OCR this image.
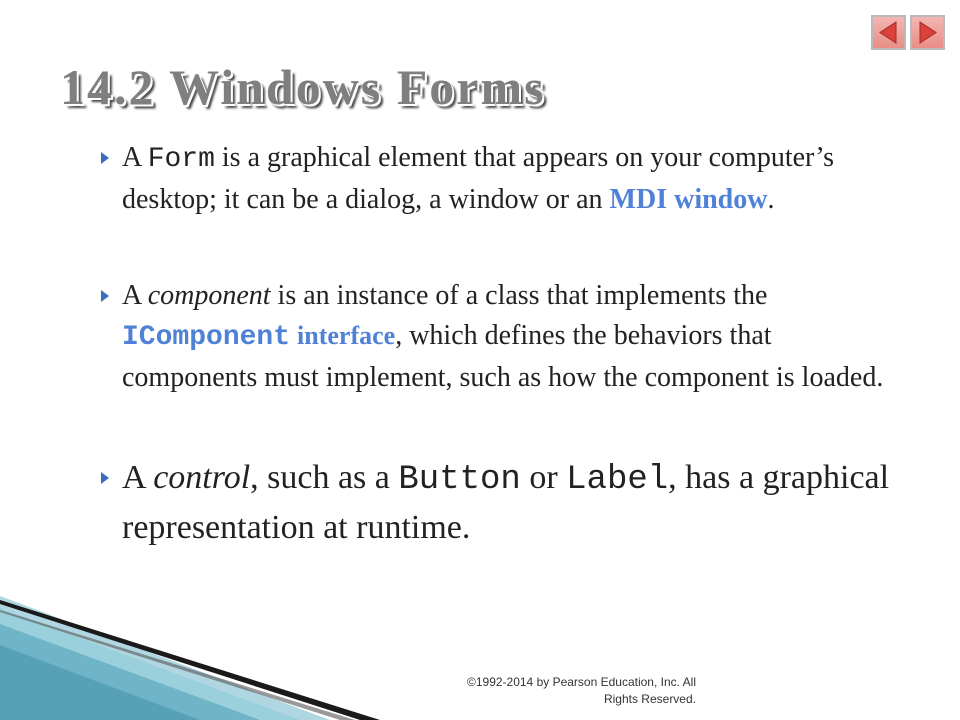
14.2 Windows Forms
A Form is a graphical element that appears on your computer’s desktop; it can be a dialog, a window or an MDI window.
A component is an instance of a class that implements the IComponent interface, which defines the behaviors that components must implement, such as how the component is loaded.
A control, such as a Button or Label, has a graphical representation at runtime.
©1992-2014 by Pearson Education, Inc. All
Rights Reserved.
